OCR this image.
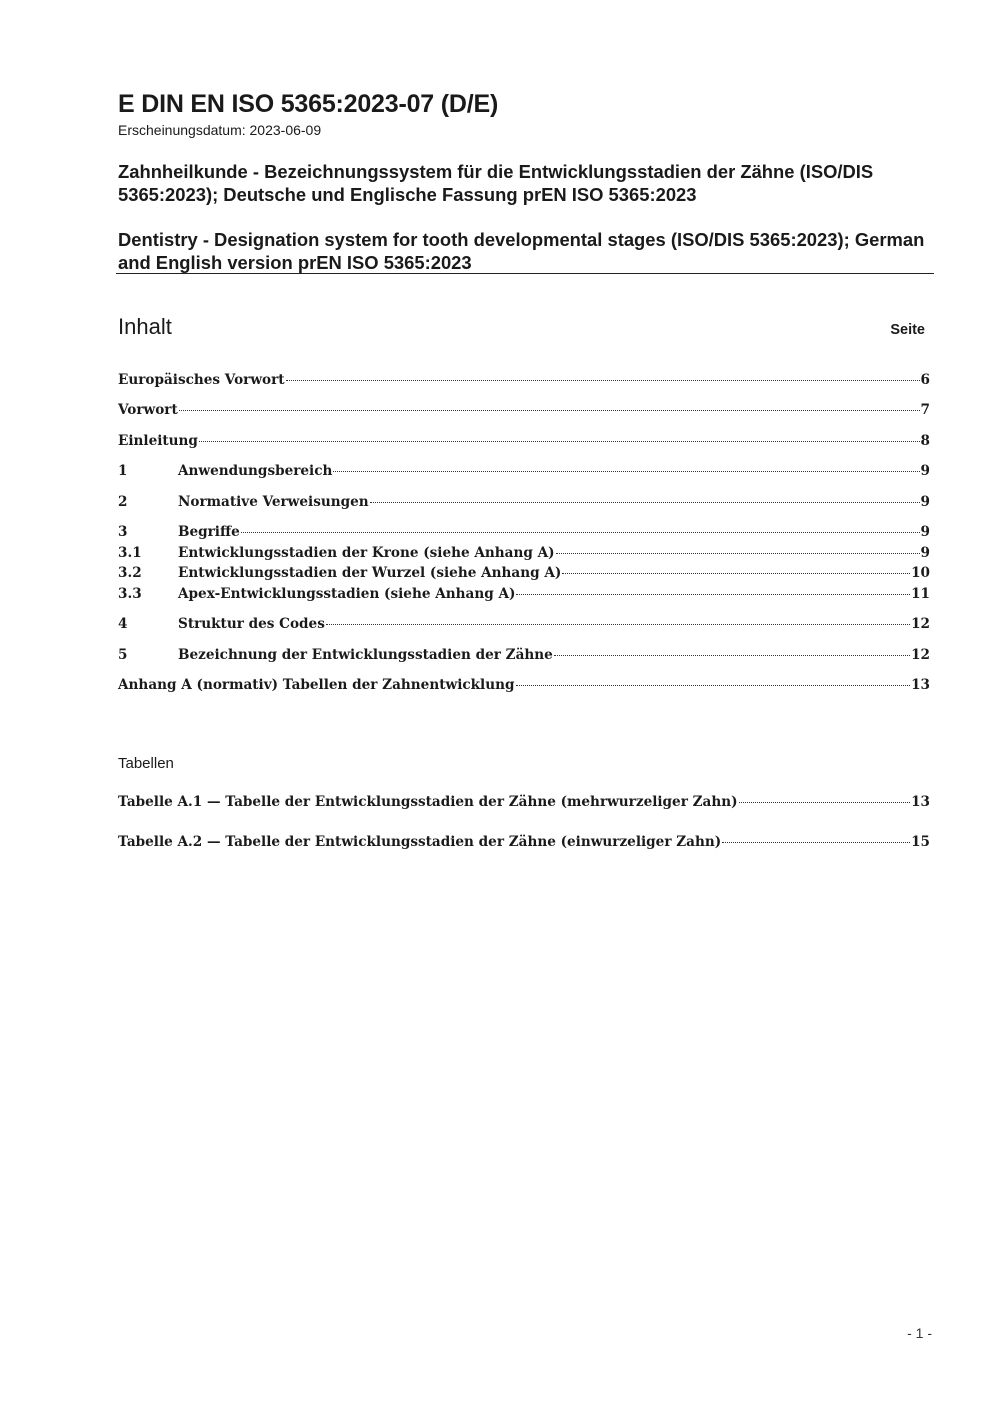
E DIN EN ISO 5365:2023-07 (D/E)
Erscheinungsdatum: 2023-06-09
Zahnheilkunde - Bezeichnungssystem für die Entwicklungsstadien der Zähne (ISO/DIS 5365:2023); Deutsche und Englische Fassung prEN ISO 5365:2023
Dentistry - Designation system for tooth developmental stages (ISO/DIS 5365:2023); German and English version prEN ISO 5365:2023
Inhalt	Seite
Europäisches Vorwort	6
Vorwort	7
Einleitung	8
1	Anwendungsbereich	9
2	Normative Verweisungen	9
3	Begriffe	9
3.1	Entwicklungsstadien der Krone (siehe Anhang A)	9
3.2	Entwicklungsstadien der Wurzel (siehe Anhang A)	10
3.3	Apex-Entwicklungsstadien (siehe Anhang A)	11
4	Struktur des Codes	12
5	Bezeichnung der Entwicklungsstadien der Zähne	12
Anhang A (normativ) Tabellen der Zahnentwicklung	13
Tabellen
Tabelle A.1 — Tabelle der Entwicklungsstadien der Zähne (mehrwurzeliger Zahn)	13
Tabelle A.2 — Tabelle der Entwicklungsstadien der Zähne (einwurzeliger Zahn)	15
- 1 -
